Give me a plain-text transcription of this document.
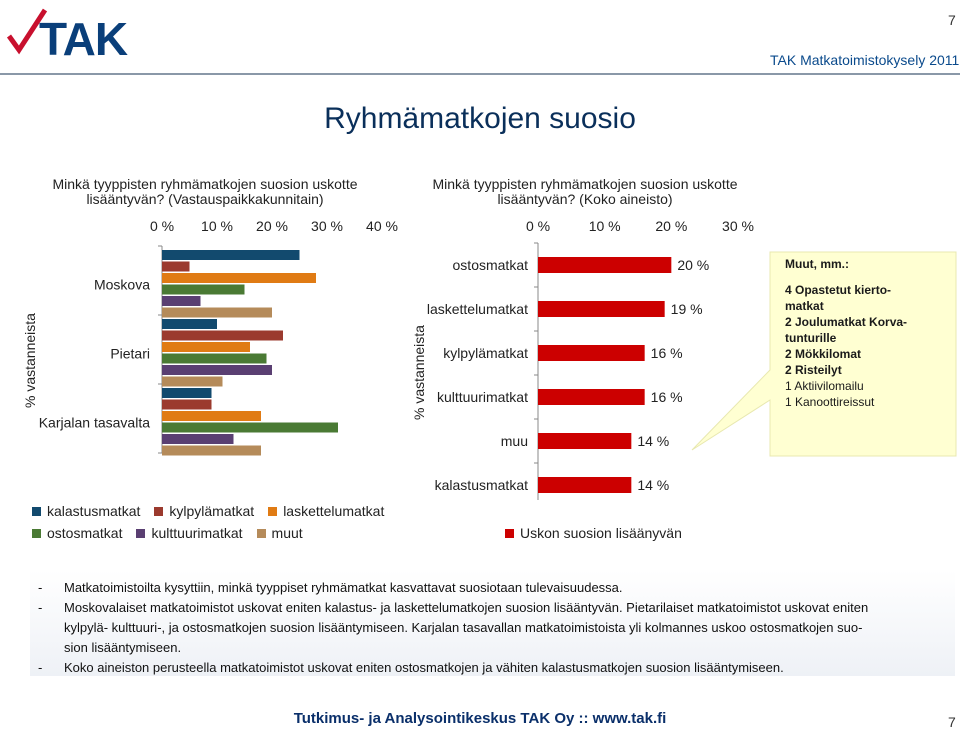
TAK	7
TAK Matkatoimistokysely 2011
Ryhmämatkojen suosio
Minkä tyyppisten ryhmämatkojen suosion uskotte lisääntyvän? (Vastauspaikkakunnitain)
0 % 10 % 20 % 30 % 40 %
Moskova
Pietari
Karjalan tasavalta
% vastanneista
kalastusmatkat kylpylämatkat laskettelumatkat
ostosmatkat kulttuurimatkat muut
Minkä tyyppisten ryhmämatkojen suosion uskotte lisääntyvän? (Koko aineisto)
0 %	10 % 20 % 30 %
ostosmatkat	20 %
laskettelumatkat	19 %
kylpylämatkat	16 %
kulttuurimatkat	16 %
muu	14 %
kalastusmatkat	14 %
% vastanneista
Uskon suosion lisäänyvän
Muut, mm.:
4 Opastetut kierto-
matkat
2 Joulumatkat Korva-
tunturille
2 Mökkilomat
2 Risteilyt
1 Aktiivilomailu
1 Kanoottireissut
-	Matkatoimistoilta kysyttiin, minkä tyyppiset ryhmämatkat kasvattavat suosiotaan tulevaisuudessa.
-	Moskovalaiset matkatoimistot uskovat eniten kalastus- ja laskettelumatkojen suosion lisääntyvän. Pietarilaiset matkatoimistot uskovat eniten
kylpylä- kulttuuri-, ja ostosmatkojen suosion lisääntymiseen. Karjalan tasavallan matkatoimistoista yli kolmannes uskoo ostosmatkojen suo-
sion lisääntymiseen.
-	Koko aineiston perusteella matkatoimistot uskovat eniten ostosmatkojen ja vähiten kalastusmatkojen suosion lisääntymiseen.
Tutkimus- ja Analysointikeskus TAK Oy :: www.tak.fi	7
